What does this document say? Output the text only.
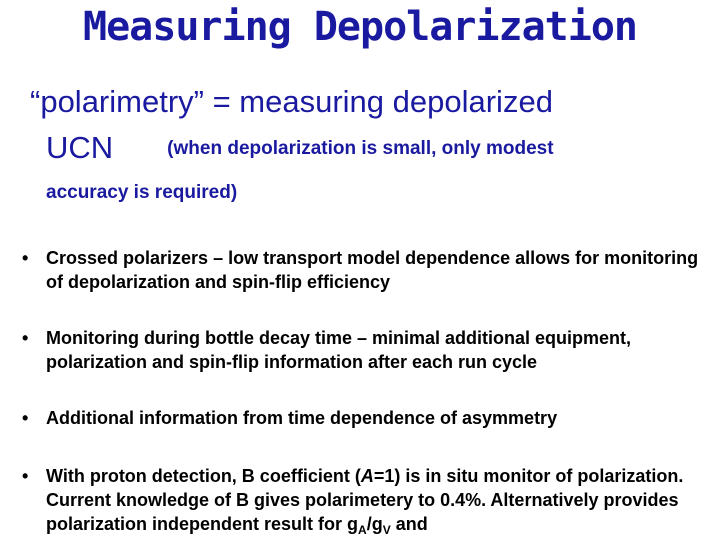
Measuring Depolarization
“polarimetry” = measuring depolarized
UCN	(when depolarization is small, only modest
accuracy is required)
• Crossed polarizers – low transport model dependence allows for monitoring of depolarization and spin-flip efficiency
• Monitoring during bottle decay time – minimal additional equipment, polarization and spin-flip information after each run cycle
• Additional information from time dependence of asymmetry
• With proton detection, B coefficient (A=1) is in situ monitor of polarization. Current knowledge of B gives polarimetery to 0.4%. Alternatively provides polarization independent result for $g_A/g_V$ and
